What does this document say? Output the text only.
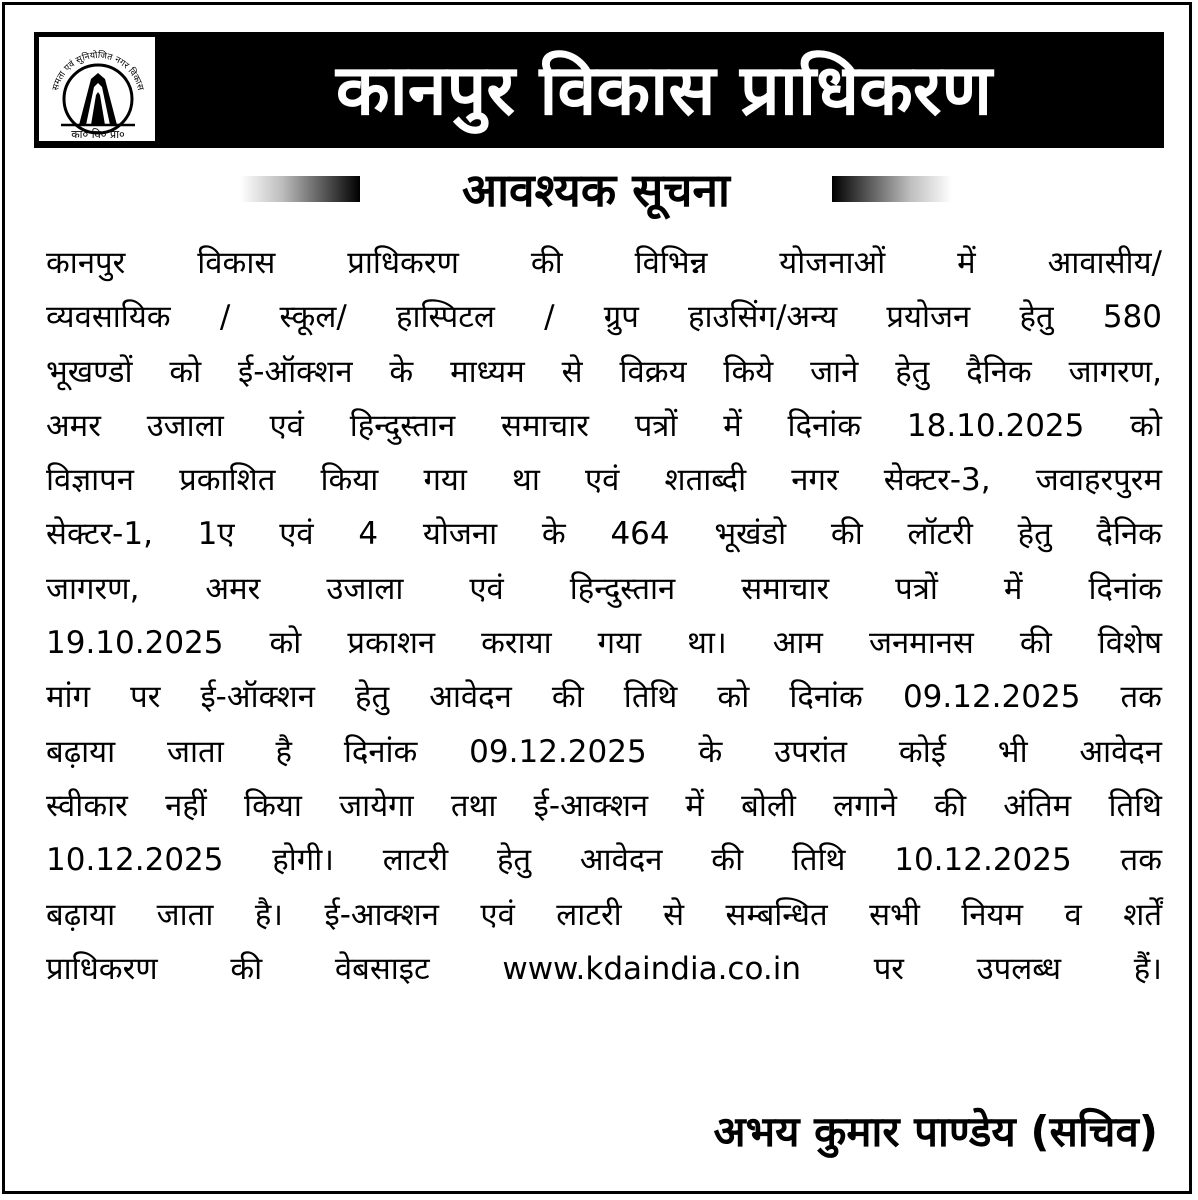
समता एवं सुनियोजित नगर विकास
का० वि० प्रा०
कानपुर विकास प्राधिकरण
आवश्यक सूचना
कानपुर विकास प्राधिकरण की विभिन्न योजनाओं में आवासीय/
व्यवसायिक / स्कूल/ हास्पिटल / ग्रुप हाउसिंग/अन्य प्रयोजन हेतु 580
भूखण्डों को ई-ऑक्शन के माध्यम से विक्रय किये जाने हेतु दैनिक जागरण,
अमर उजाला एवं हिन्दुस्तान समाचार पत्रों में दिनांक 18.10.2025 को
विज्ञापन प्रकाशित किया गया था एवं शताब्दी नगर सेक्टर-3, जवाहरपुरम
सेक्टर-1, 1ए एवं 4 योजना के 464 भूखंडो की लॉटरी हेतु दैनिक
जागरण, अमर उजाला एवं हिन्दुस्तान समाचार पत्रों में दिनांक
19.10.2025 को प्रकाशन कराया गया था। आम जनमानस की विशेष
मांग पर ई-ऑक्शन हेतु आवेदन की तिथि को दिनांक 09.12.2025 तक
बढ़ाया जाता है दिनांक 09.12.2025 के उपरांत कोई भी आवेदन
स्वीकार नहीं किया जायेगा तथा ई-आक्शन में बोली लगाने की अंतिम तिथि
10.12.2025 होगी। लाटरी हेतु आवेदन की तिथि 10.12.2025 तक
बढ़ाया जाता है। ई-आक्शन एवं लाटरी से सम्बन्धित सभी नियम व शर्तें
प्राधिकरण की वेबसाइट www.kdaindia.co.in पर उपलब्ध हैं।
अभय कुमार पाण्डेय (सचिव)
